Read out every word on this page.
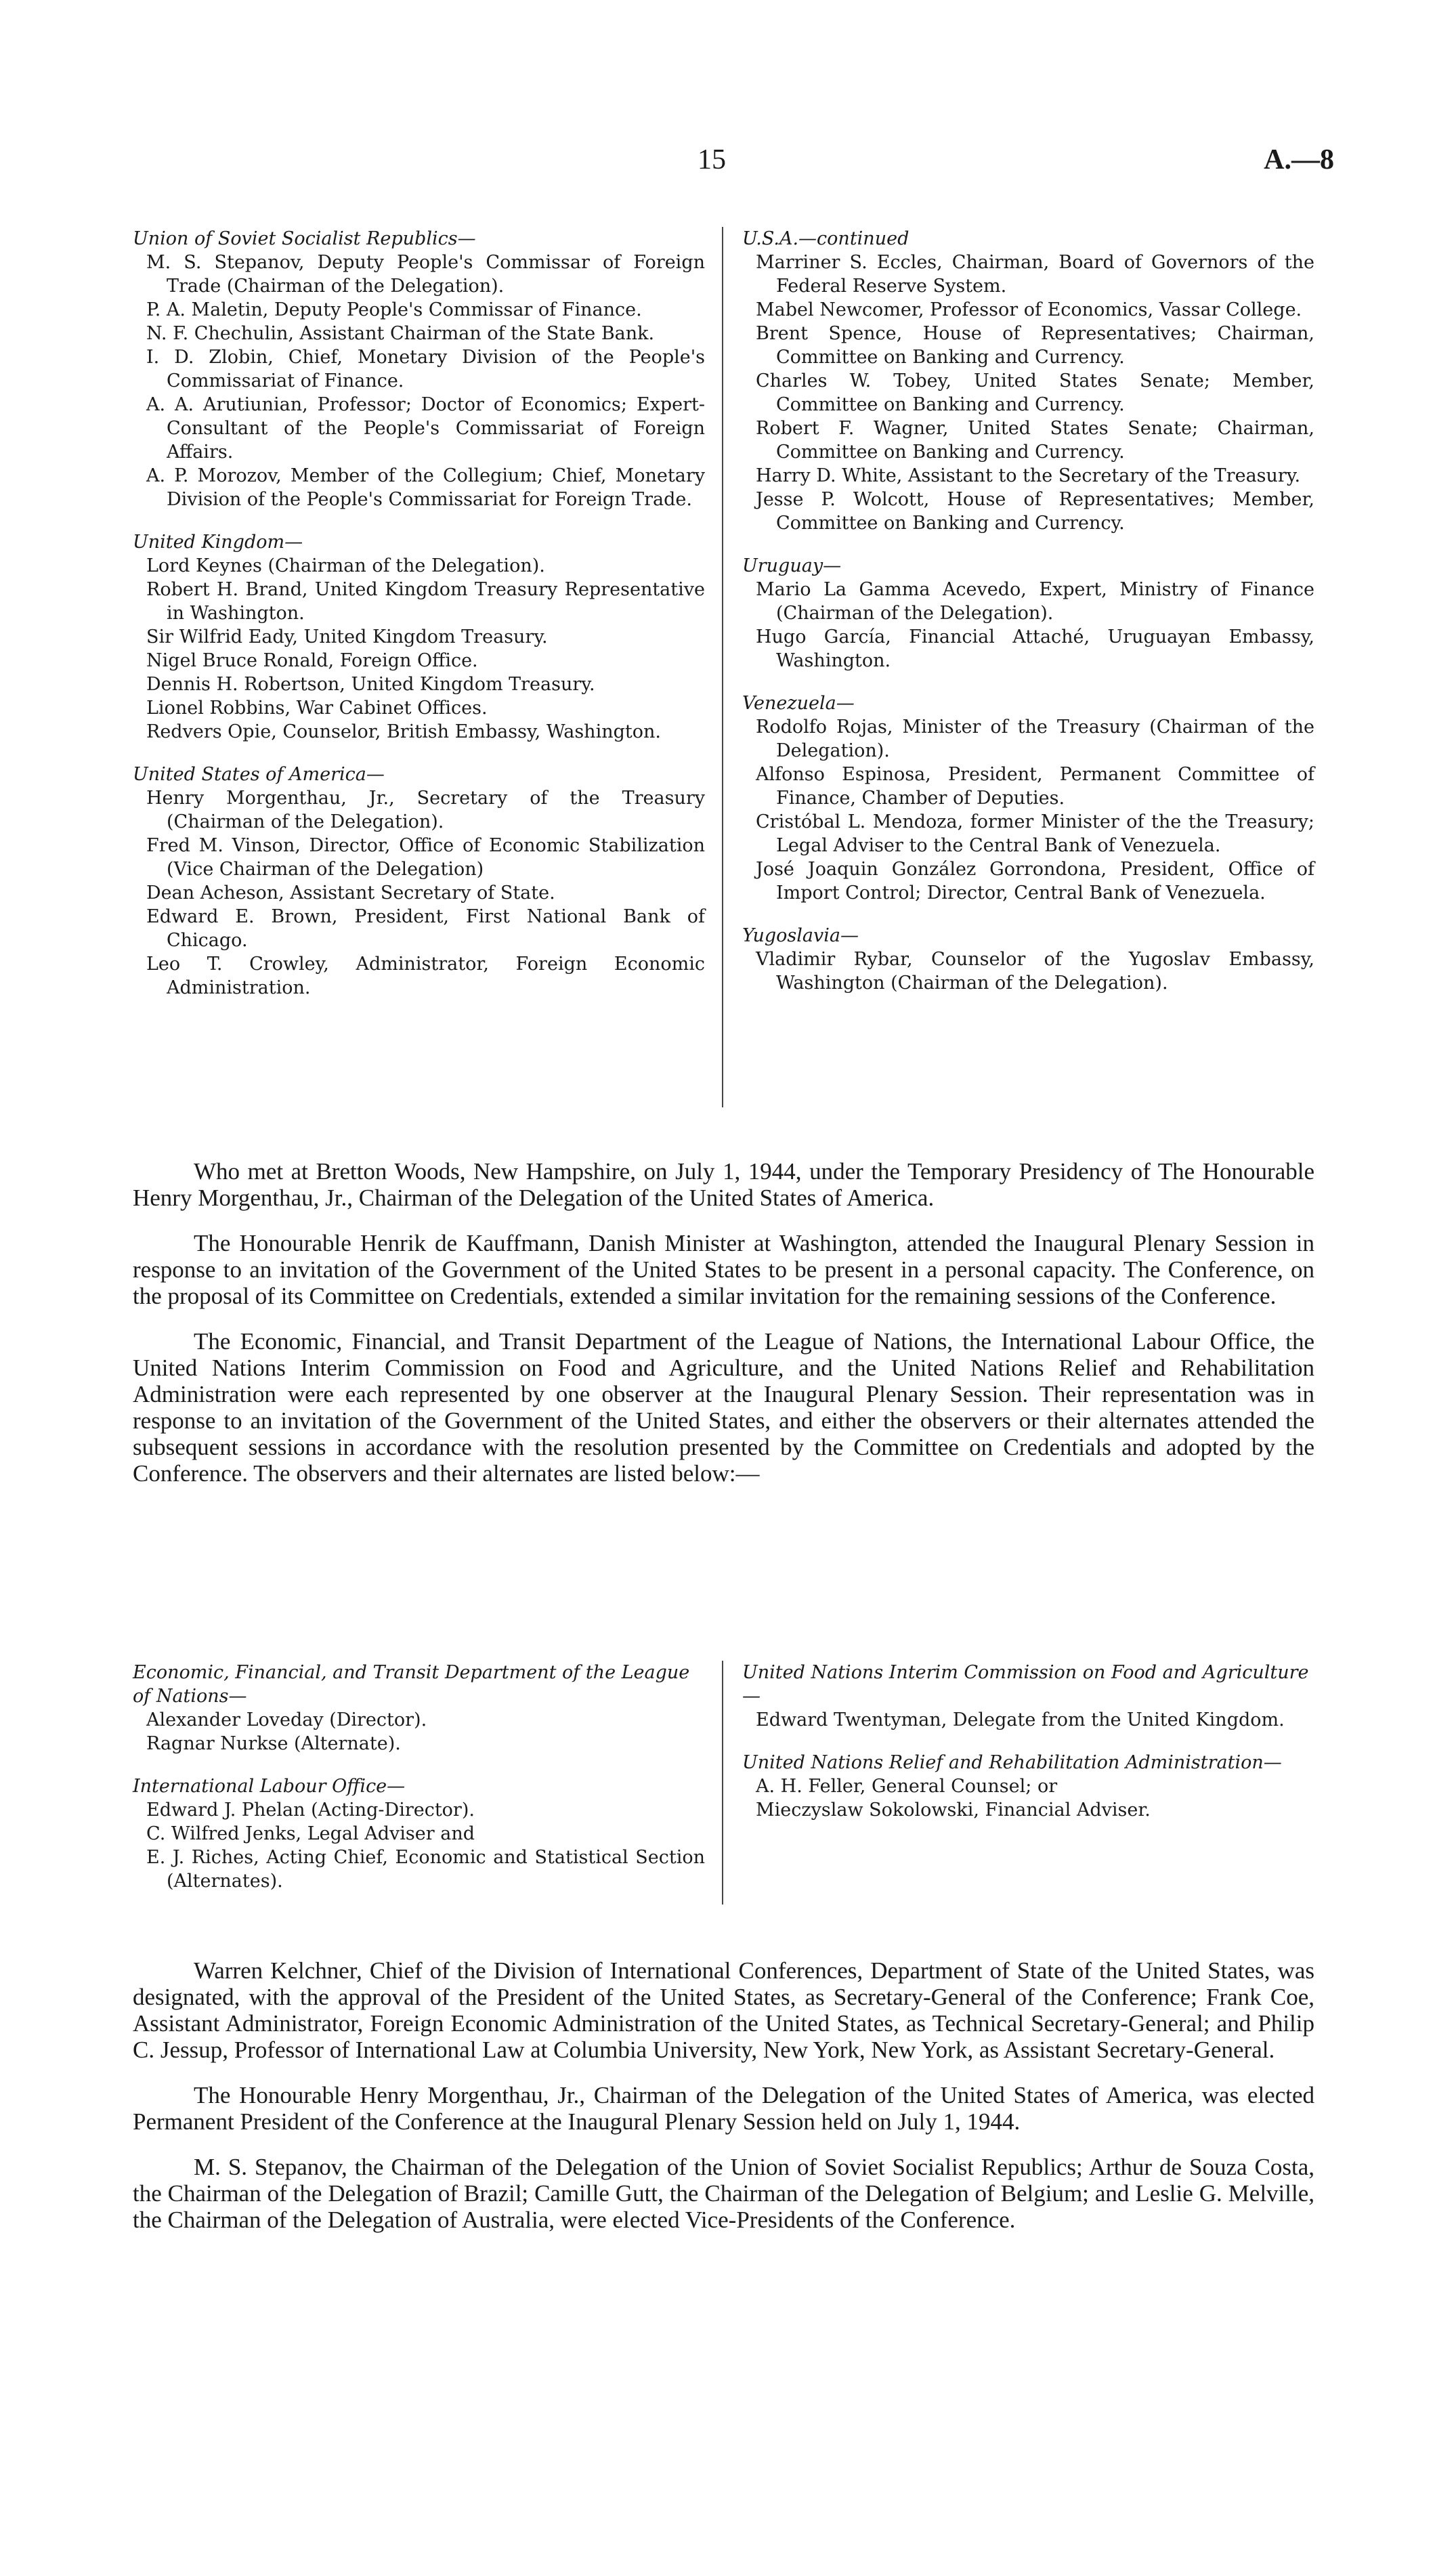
15	A.—8
Union of Soviet Socialist Republics—
M. S. Stepanov, Deputy People's Commissar of Foreign Trade (Chairman of the Delegation).
P. A. Maletin, Deputy People's Commissar of Finance.
N. F. Chechulin, Assistant Chairman of the State Bank.
I. D. Zlobin, Chief, Monetary Division of the People's Commissariat of Finance.
A. A. Arutiunian, Professor; Doctor of Economics; Expert-Consultant of the People's Commissariat of Foreign Affairs.
A. P. Morozov, Member of the Collegium; Chief, Monetary Division of the People's Commissariat for Foreign Trade.
United Kingdom—
Lord Keynes (Chairman of the Delegation).
Robert H. Brand, United Kingdom Treasury Representative in Washington.
Sir Wilfrid Eady, United Kingdom Treasury.
Nigel Bruce Ronald, Foreign Office.
Dennis H. Robertson, United Kingdom Treasury.
Lionel Robbins, War Cabinet Offices.
Redvers Opie, Counselor, British Embassy, Washington.
United States of America—
Henry Morgenthau, Jr., Secretary of the Treasury (Chairman of the Delegation).
Fred M. Vinson, Director, Office of Economic Stabilization (Vice Chairman of the Delegation)
Dean Acheson, Assistant Secretary of State.
Edward E. Brown, President, First National Bank of Chicago.
Leo T. Crowley, Administrator, Foreign Economic Administration.
U.S.A.—continued
Marriner S. Eccles, Chairman, Board of Governors of the Federal Reserve System.
Mabel Newcomer, Professor of Economics, Vassar College.
Brent Spence, House of Representatives; Chairman, Committee on Banking and Currency.
Charles W. Tobey, United States Senate; Member, Committee on Banking and Currency.
Robert F. Wagner, United States Senate; Chairman, Committee on Banking and Currency.
Harry D. White, Assistant to the Secretary of the Treasury.
Jesse P. Wolcott, House of Representatives; Member, Committee on Banking and Currency.
Uruguay—
Mario La Gamma Acevedo, Expert, Ministry of Finance (Chairman of the Delegation).
Hugo García, Financial Attaché, Uruguayan Embassy, Washington.
Venezuela—
Rodolfo Rojas, Minister of the Treasury (Chairman of the Delegation).
Alfonso Espinosa, President, Permanent Committee of Finance, Chamber of Deputies.
Cristóbal L. Mendoza, former Minister of the the Treasury; Legal Adviser to the Central Bank of Venezuela.
José Joaquin González Gorrondona, President, Office of Import Control; Director, Central Bank of Venezuela.
Yugoslavia—
Vladimir Rybar, Counselor of the Yugoslav Embassy, Washington (Chairman of the Delegation).

Who met at Bretton Woods, New Hampshire, on July 1, 1944, under the Temporary Presidency of The Honourable Henry Morgenthau, Jr., Chairman of the Delegation of the United States of America.

The Honourable Henrik de Kauffmann, Danish Minister at Washington, attended the Inaugural Plenary Session in response to an invitation of the Government of the United States to be present in a personal capacity. The Conference, on the proposal of its Committee on Credentials, extended a similar invitation for the remaining sessions of the Conference.

The Economic, Financial, and Transit Department of the League of Nations, the International Labour Office, the United Nations Interim Commission on Food and Agriculture, and the United Nations Relief and Rehabilitation Administration were each represented by one observer at the Inaugural Plenary Session. Their representation was in response to an invitation of the Government of the United States, and either the observers or their alternates attended the subsequent sessions in accordance with the resolution presented by the Committee on Credentials and adopted by the Conference. The observers and their alternates are listed below:—

Economic, Financial, and Transit Department of the League of Nations—
Alexander Loveday (Director).
Ragnar Nurkse (Alternate).
International Labour Office—
Edward J. Phelan (Acting-Director).
C. Wilfred Jenks, Legal Adviser and
E. J. Riches, Acting Chief, Economic and Statistical Section (Alternates).
United Nations Interim Commission on Food and Agriculture—
Edward Twentyman, Delegate from the United Kingdom.
United Nations Relief and Rehabilitation Administration—
A. H. Feller, General Counsel; or
Mieczyslaw Sokolowski, Financial Adviser.

Warren Kelchner, Chief of the Division of International Conferences, Department of State of the United States, was designated, with the approval of the President of the United States, as Secretary-General of the Conference; Frank Coe, Assistant Administrator, Foreign Economic Administration of the United States, as Technical Secretary-General; and Philip C. Jessup, Professor of International Law at Columbia University, New York, New York, as Assistant Secretary-General.

The Honourable Henry Morgenthau, Jr., Chairman of the Delegation of the United States of America, was elected Permanent President of the Conference at the Inaugural Plenary Session held on July 1, 1944.

M. S. Stepanov, the Chairman of the Delegation of the Union of Soviet Socialist Republics; Arthur de Souza Costa, the Chairman of the Delegation of Brazil; Camille Gutt, the Chairman of the Delegation of Belgium; and Leslie G. Melville, the Chairman of the Delegation of Australia, were elected Vice-Presidents of the Conference.
